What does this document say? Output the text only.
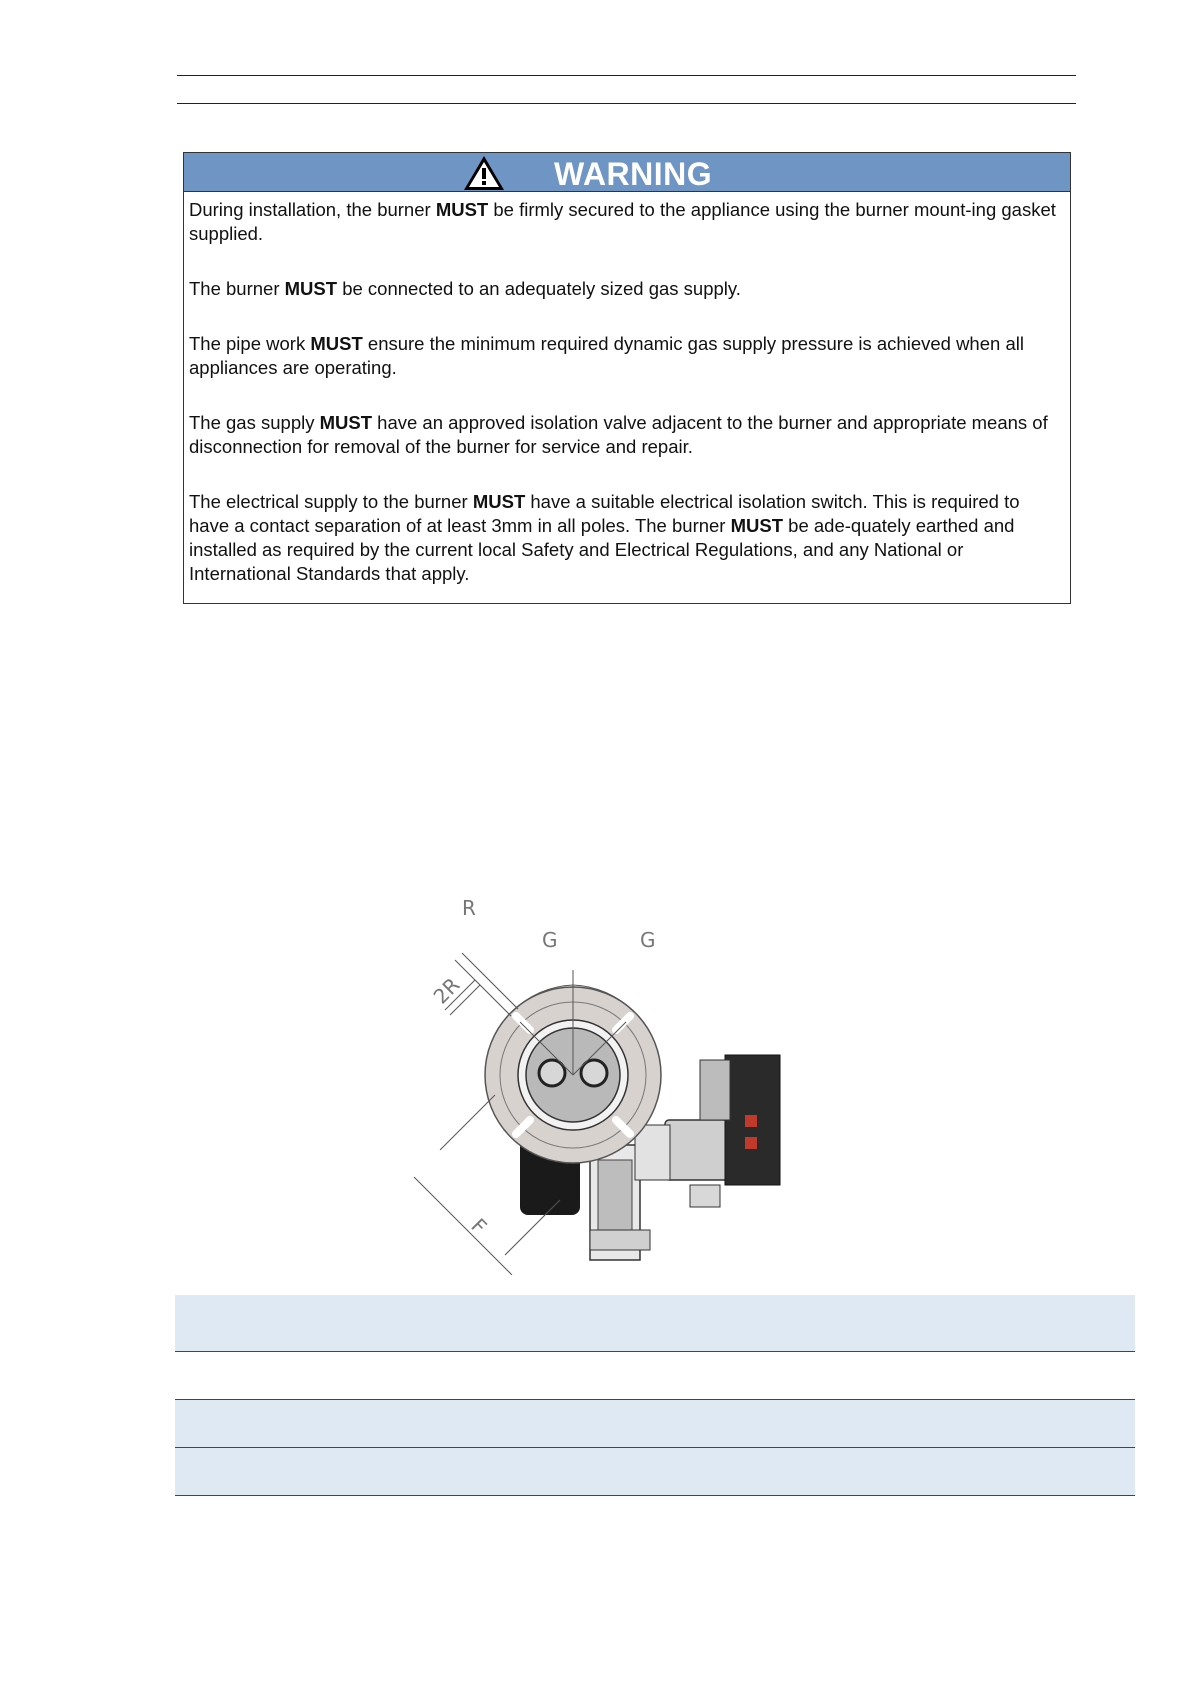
WARNING

During installation, the burner MUST be firmly secured to the appliance using the burner mount-ing gasket supplied.

The burner MUST be connected to an adequately sized gas supply.

The pipe work MUST ensure the minimum required dynamic gas supply pressure is achieved when all appliances are operating.

The gas supply MUST have an approved isolation valve adjacent to the burner and appropriate means of disconnection for removal of the burner for service and repair.

The electrical supply to the burner MUST have a suitable electrical isolation switch. This is required to have a contact separation of at least 3mm in all poles. The burner MUST be ade-quately earthed and installed as required by the current local Safety and Electrical Regulations, and any National or International Standards that apply.

R
2R
G	G
F
